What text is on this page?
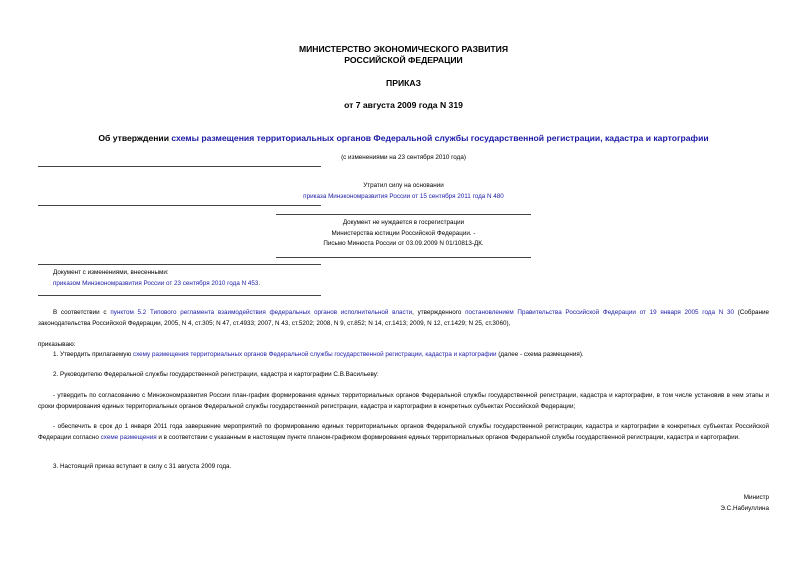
МИНИСТЕРСТВО ЭКОНОМИЧЕСКОГО РАЗВИТИЯ
РОССИЙСКОЙ ФЕДЕРАЦИИ
ПРИКАЗ
от 7 августа 2009 года N 319
Об утверждении схемы размещения территориальных органов Федеральной службы государственной регистрации, кадастра и картографии
(с изменениями на 23 сентября 2010 года)
Утратил силу на основании
приказа Минэкономразвития России от 15 сентября 2011 года N 480
Документ не нуждается в госрегистрации
Министерства юстиции Российской Федерации. -
Письмо Минюста России от 03.09.2009 N 01/10813-ДК.
Документ с изменениями, внесенными:
приказом Минэкономразвития России от 23 сентября 2010 года N 453.
В соответствии с пунктом 5.2 Типового регламента взаимодействия федеральных органов исполнительной власти, утвержденного постановлением Правительства Российской Федерации от 19 января 2005 года N 30 (Собрание законодательства Российской Федерации, 2005, N 4, ст.305; N 47, ст.4933; 2007, N 43, ст.5202; 2008, N 9, ст.852; N 14, ст.1413; 2009, N 12, ст.1429; N 25, ст.3060),
приказываю:
1. Утвердить прилагаемую схему размещения территориальных органов Федеральной службы государственной регистрации, кадастра и картографии (далее - схема размещения).
2. Руководителю Федеральной службы государственной регистрации, кадастра и картографии С.В.Васильеву:
- утвердить по согласованию с Минэкономразвития России план-график формирования единых территориальных органов Федеральной службы государственной регистрации, кадастра и картографии, в том числе установив в нем этапы и сроки формирования единых территориальных органов Федеральной службы государственной регистрации, кадастра и картографии в конкретных субъектах Российской Федерации;
- обеспечить в срок до 1 января 2011 года завершение мероприятий по формированию единых территориальных органов Федеральной службы государственной регистрации, кадастра и картографии в конкретных субъектах Российской Федерации согласно схеме размещения и в соответствии с указанным в настоящем пункте планом-графиком формирования единых территориальных органов Федеральной службы государственной регистрации, кадастра и картографии.
3. Настоящий приказ вступает в силу с 31 августа 2009 года.
Министр
Э.С.Набиуллина
